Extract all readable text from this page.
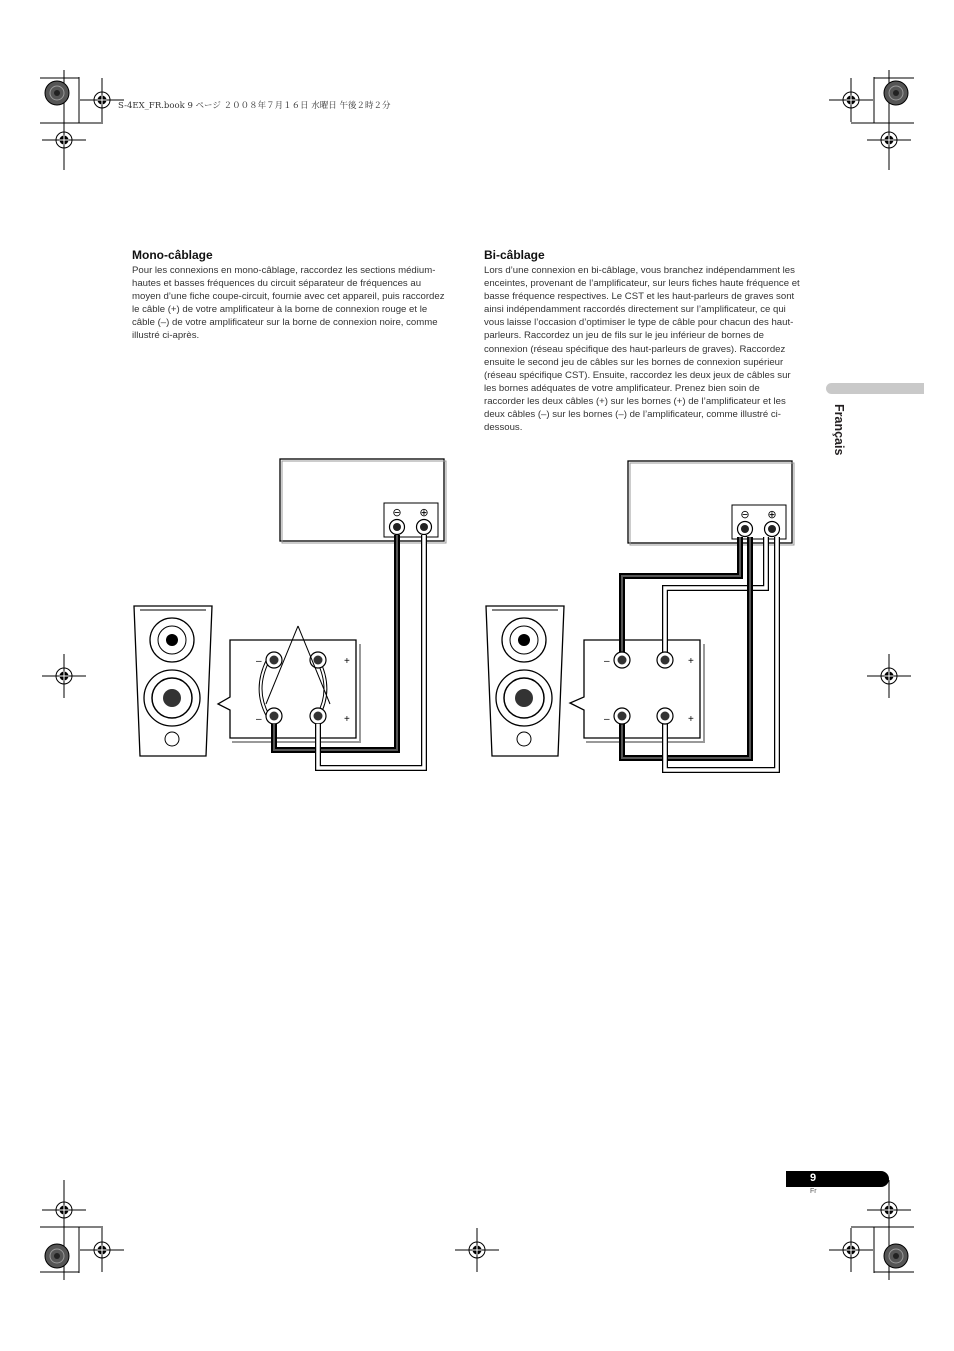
S-4EX_FR.book 9 ページ ２００８年７月１６日 水曜日 午後２時２分
Mono-câblage
Pour les connexions en mono-câblage, raccordez les sections médium-hautes et basses fréquences du circuit séparateur de fréquences au moyen d’une fiche coupe-circuit, fournie avec cet appareil, puis raccordez le câble (+) de votre amplificateur à la borne de connexion rouge et le câble (–) de votre amplificateur sur la borne de connexion noire, comme illustré ci-après.
Bi-câblage
Lors d’une connexion en bi-câblage, vous branchez indépendamment les enceintes, provenant de l’amplificateur, sur leurs fiches haute fréquence et basse fréquence respectives. Le CST et les haut-parleurs de graves sont ainsi indépendamment raccordés directement sur l’amplificateur, ce qui vous laisse l’occasion d’optimiser le type de câble pour chacun des haut-parleurs. Raccordez un jeu de fils sur le jeu inférieur de bornes de connexion (réseau spécifique des haut-parleurs de graves). Raccordez ensuite le second jeu de câbles sur les bornes de connexion supérieur (réseau spécifique CST). Ensuite, raccordez les deux jeux de câbles sur les bornes adéquates de votre amplificateur. Prenez bien soin de raccorder les deux câbles (+) sur les bornes (+) de l’amplificateur et les deux câbles (–) sur les bornes (–) de l’amplificateur, comme illustré ci-dessous.	Français
9
Fr
⊖ ⊕
–	+
–	+
⊖ ⊕
–	+
–	+
